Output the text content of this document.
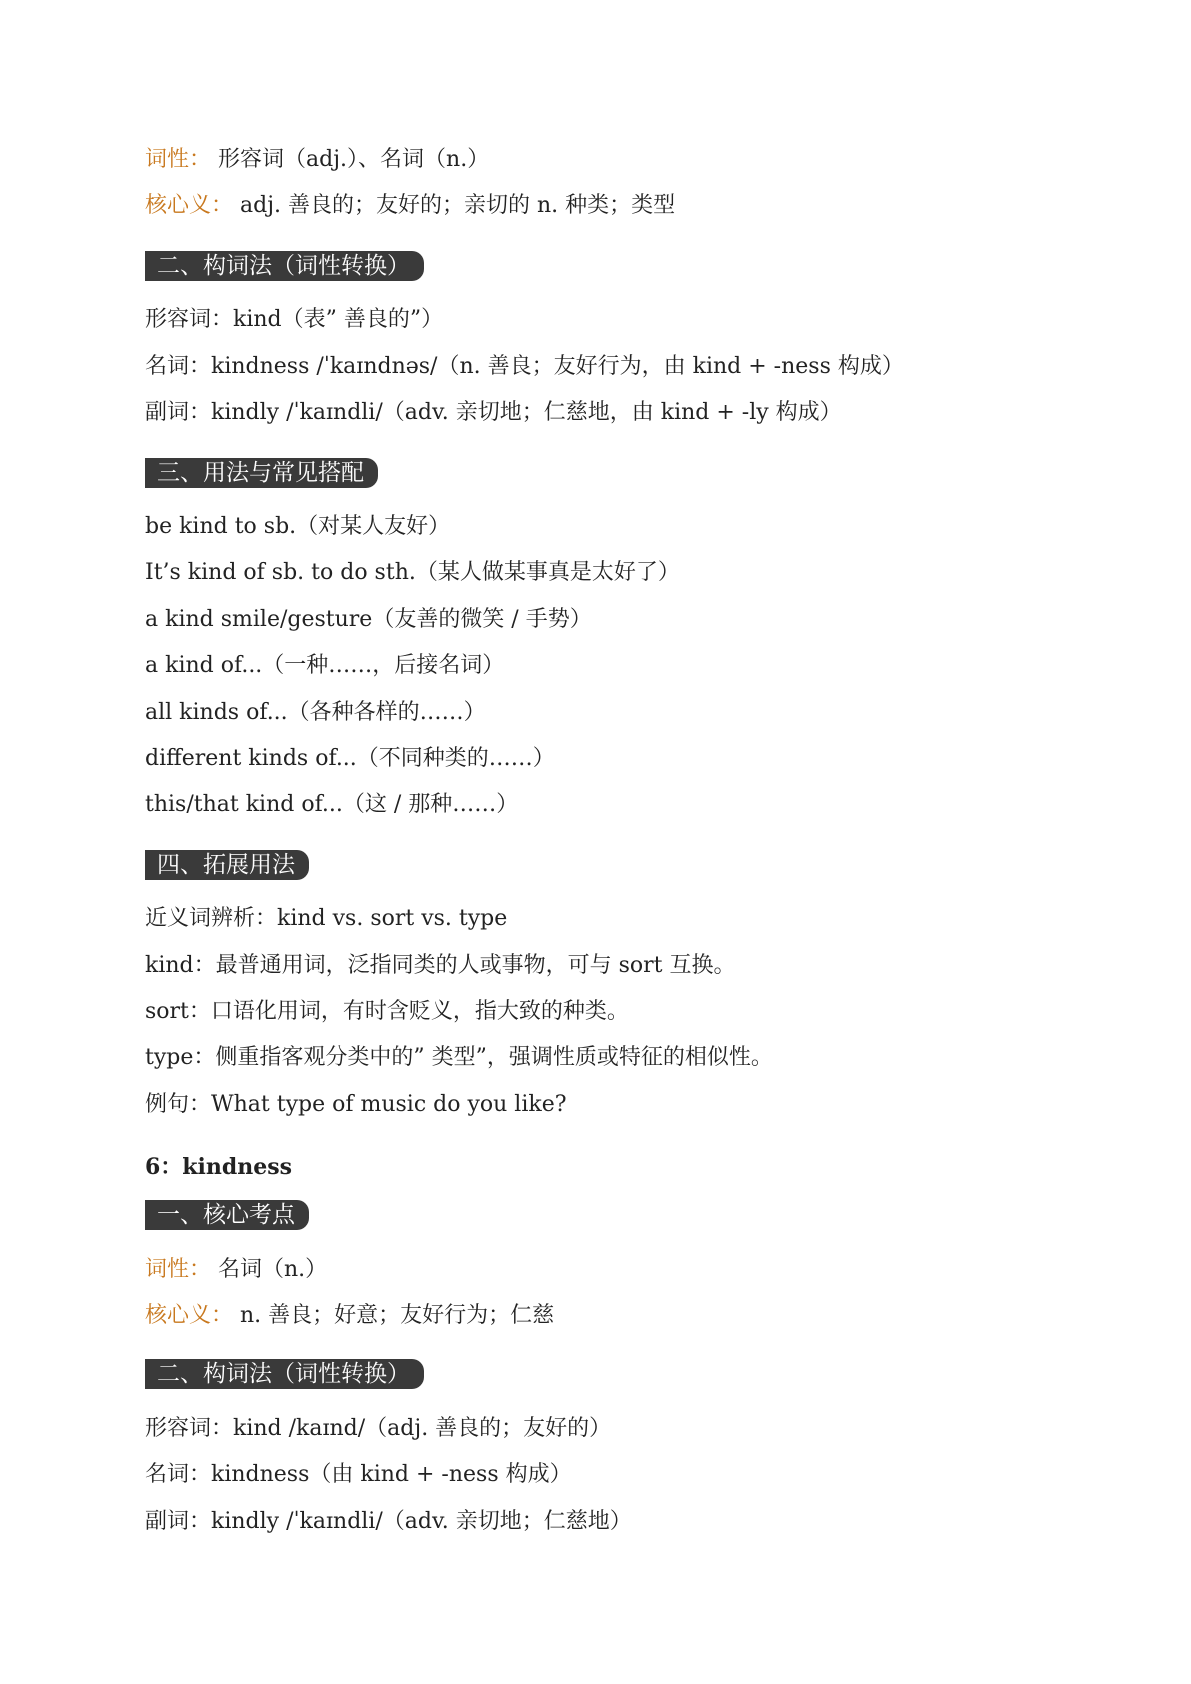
词性： 形容词（adj.）、名词（n.）
核心义： adj. 善良的；友好的；亲切的 n. 种类；类型
二、构词法（词性转换）
形容词：kind（表” 善良的”）
名词：kindness /ˈkaɪndnəs/（n. 善良；友好行为，由 kind + -ness 构成）
副词：kindly /ˈkaɪndli/（adv. 亲切地；仁慈地，由 kind + -ly 构成）
三、用法与常见搭配
be kind to sb.（对某人友好）
It’s kind of sb. to do sth.（某人做某事真是太好了）
a kind smile/gesture（友善的微笑 / 手势）
a kind of...（一种……，后接名词）
all kinds of...（各种各样的……）
different kinds of...（不同种类的……）
this/that kind of...（这 / 那种……）
四、拓展用法
近义词辨析：kind vs. sort vs. type
kind：最普通用词，泛指同类的人或事物，可与 sort 互换。
sort：口语化用词，有时含贬义，指大致的种类。
type：侧重指客观分类中的” 类型”，强调性质或特征的相似性。
例句：What type of music do you like?
6：kindness
一、核心考点
词性： 名词（n.）
核心义： n. 善良；好意；友好行为；仁慈
二、构词法（词性转换）
形容词：kind /kaɪnd/（adj. 善良的；友好的）
名词：kindness（由 kind + -ness 构成）
副词：kindly /ˈkaɪndli/（adv. 亲切地；仁慈地）
